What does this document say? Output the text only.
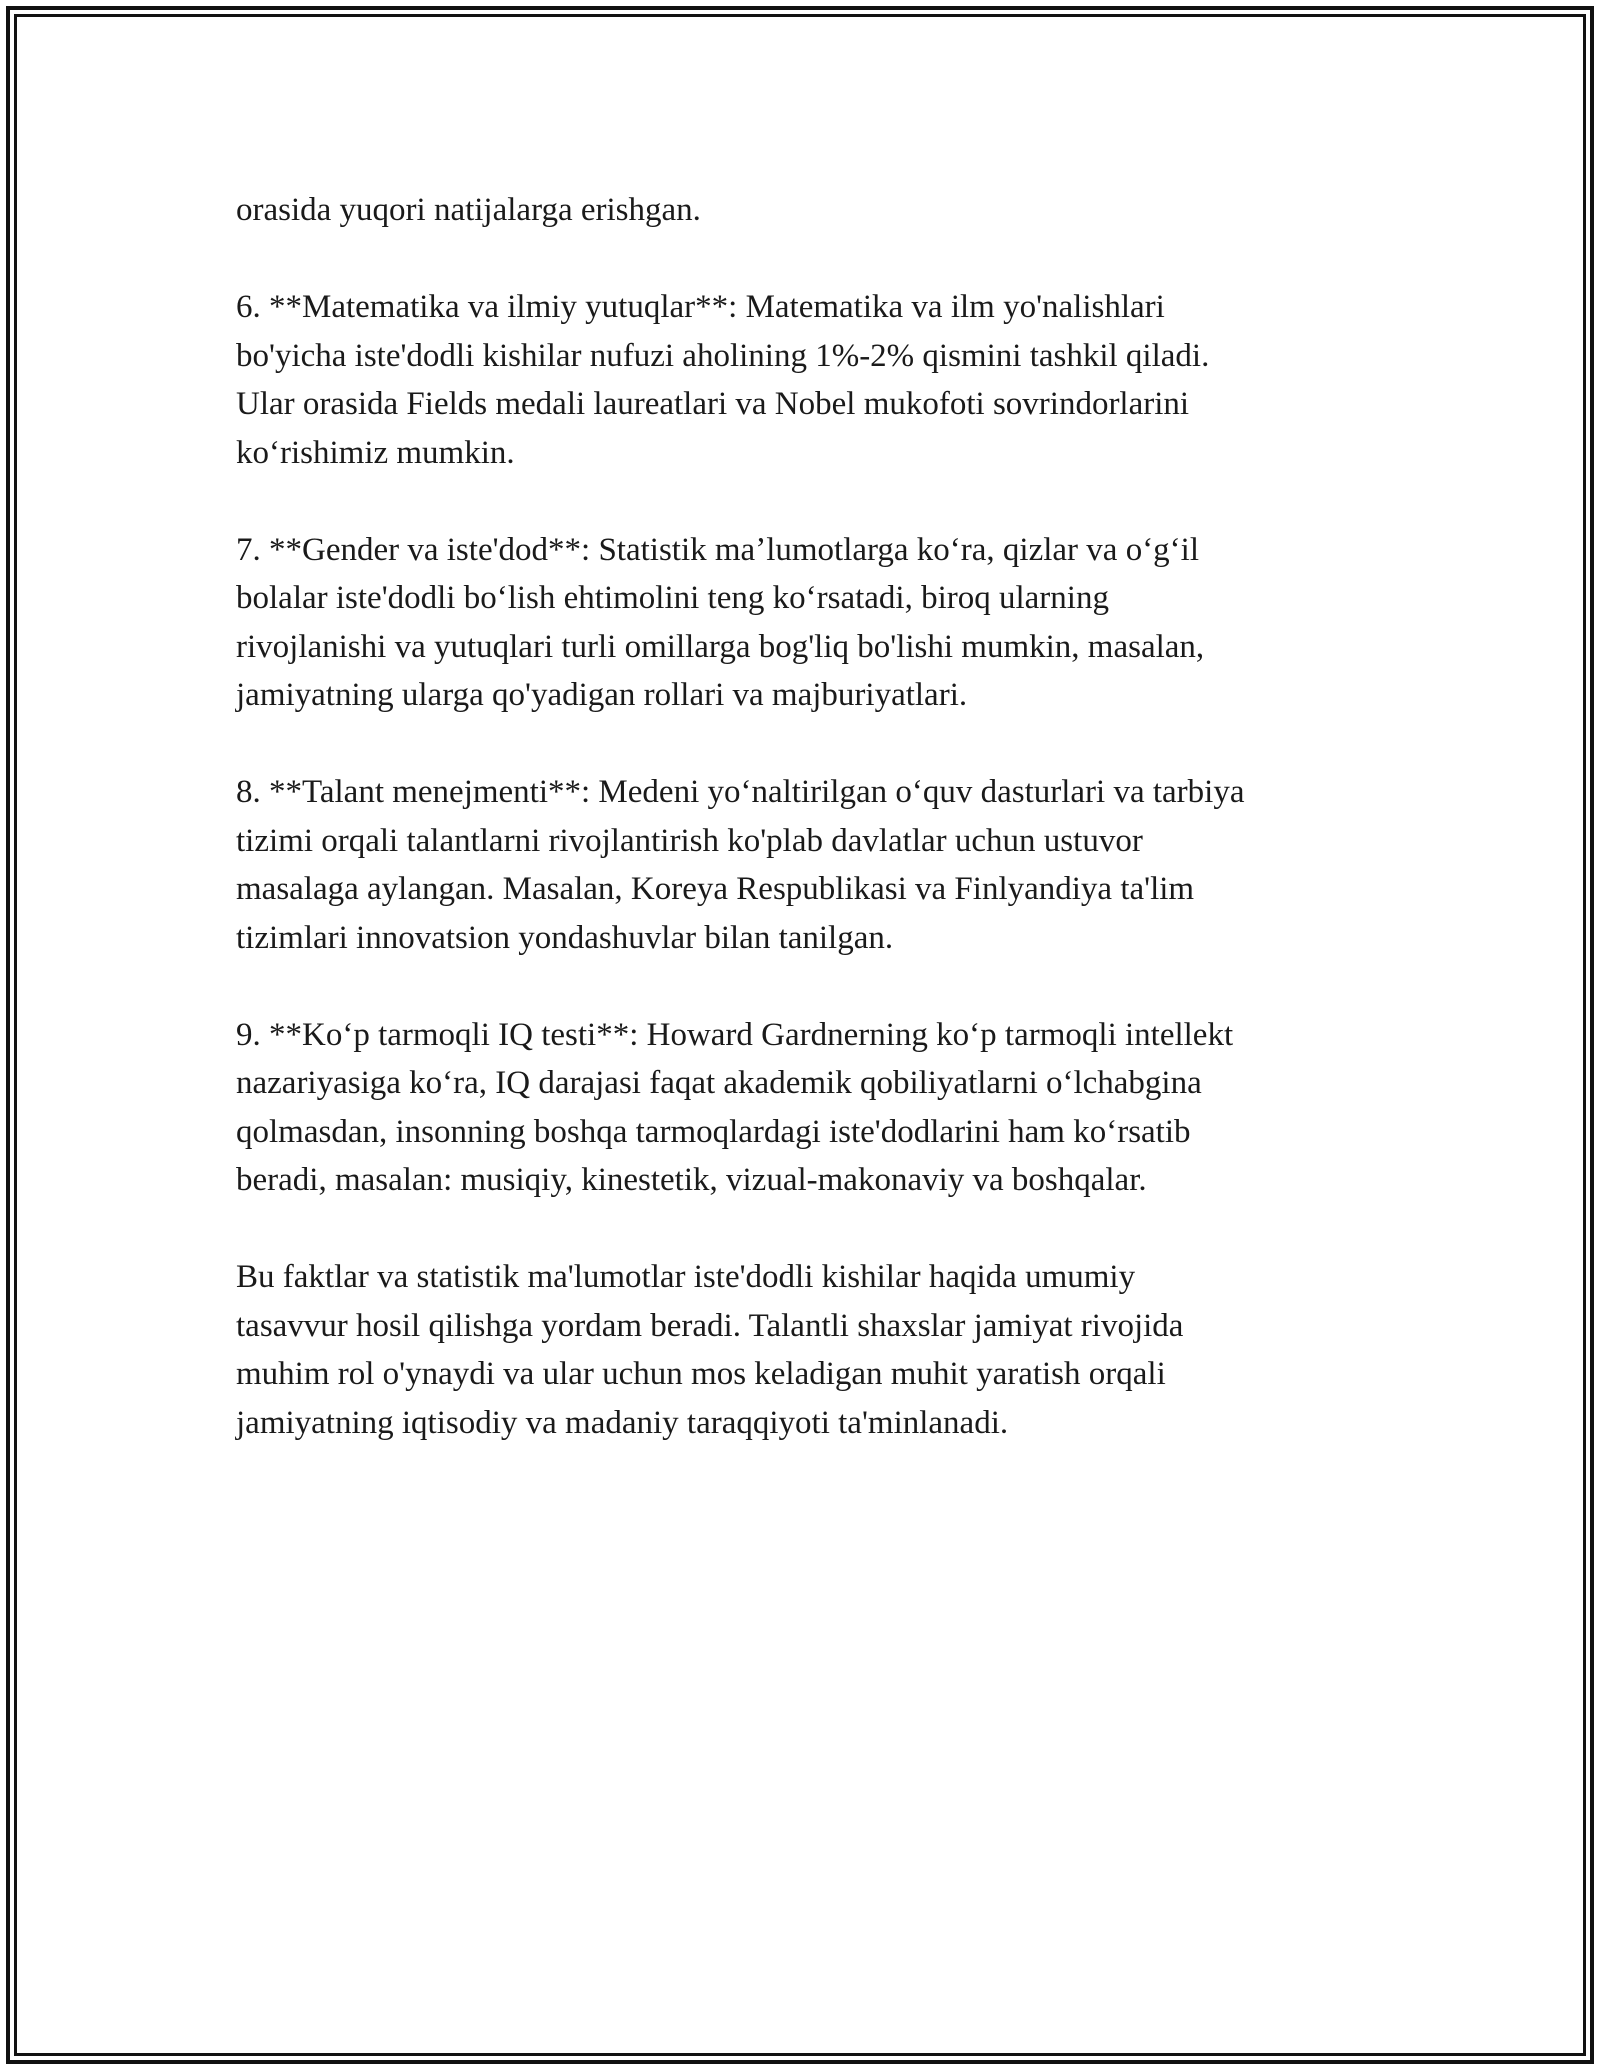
orasida yuqori natijalarga erishgan.

6. **Matematika va ilmiy yutuqlar**: Matematika va ilm yo'nalishlari
bo'yicha iste'dodli kishilar nufuzi aholining 1%-2% qismini tashkil qiladi.
Ular orasida Fields medali laureatlari va Nobel mukofoti sovrindorlarini
koʻrishimiz mumkin.

7. **Gender va iste'dod**: Statistik maʼlumotlarga koʻra, qizlar va oʻgʻil
bolalar iste'dodli boʻlish ehtimolini teng koʻrsatadi, biroq ularning
rivojlanishi va yutuqlari turli omillarga bog'liq bo'lishi mumkin, masalan,
jamiyatning ularga qo'yadigan rollari va majburiyatlari.

8. **Talant menejmenti**: Medeni yoʻnaltirilgan oʻquv dasturlari va tarbiya
tizimi orqali talantlarni rivojlantirish ko'plab davlatlar uchun ustuvor
masalaga aylangan. Masalan, Koreya Respublikasi va Finlyandiya ta'lim
tizimlari innovatsion yondashuvlar bilan tanilgan.

9. **Koʻp tarmoqli IQ testi**: Howard Gardnerning koʻp tarmoqli intellekt
nazariyasiga koʻra, IQ darajasi faqat akademik qobiliyatlarni oʻlchabgina
qolmasdan, insonning boshqa tarmoqlardagi iste'dodlarini ham koʻrsatib
beradi, masalan: musiqiy, kinestetik, vizual-makonaviy va boshqalar.

Bu faktlar va statistik ma'lumotlar iste'dodli kishilar haqida umumiy
tasavvur hosil qilishga yordam beradi. Talantli shaxslar jamiyat rivojida
muhim rol o'ynaydi va ular uchun mos keladigan muhit yaratish orqali
jamiyatning iqtisodiy va madaniy taraqqiyoti ta'minlanadi.
